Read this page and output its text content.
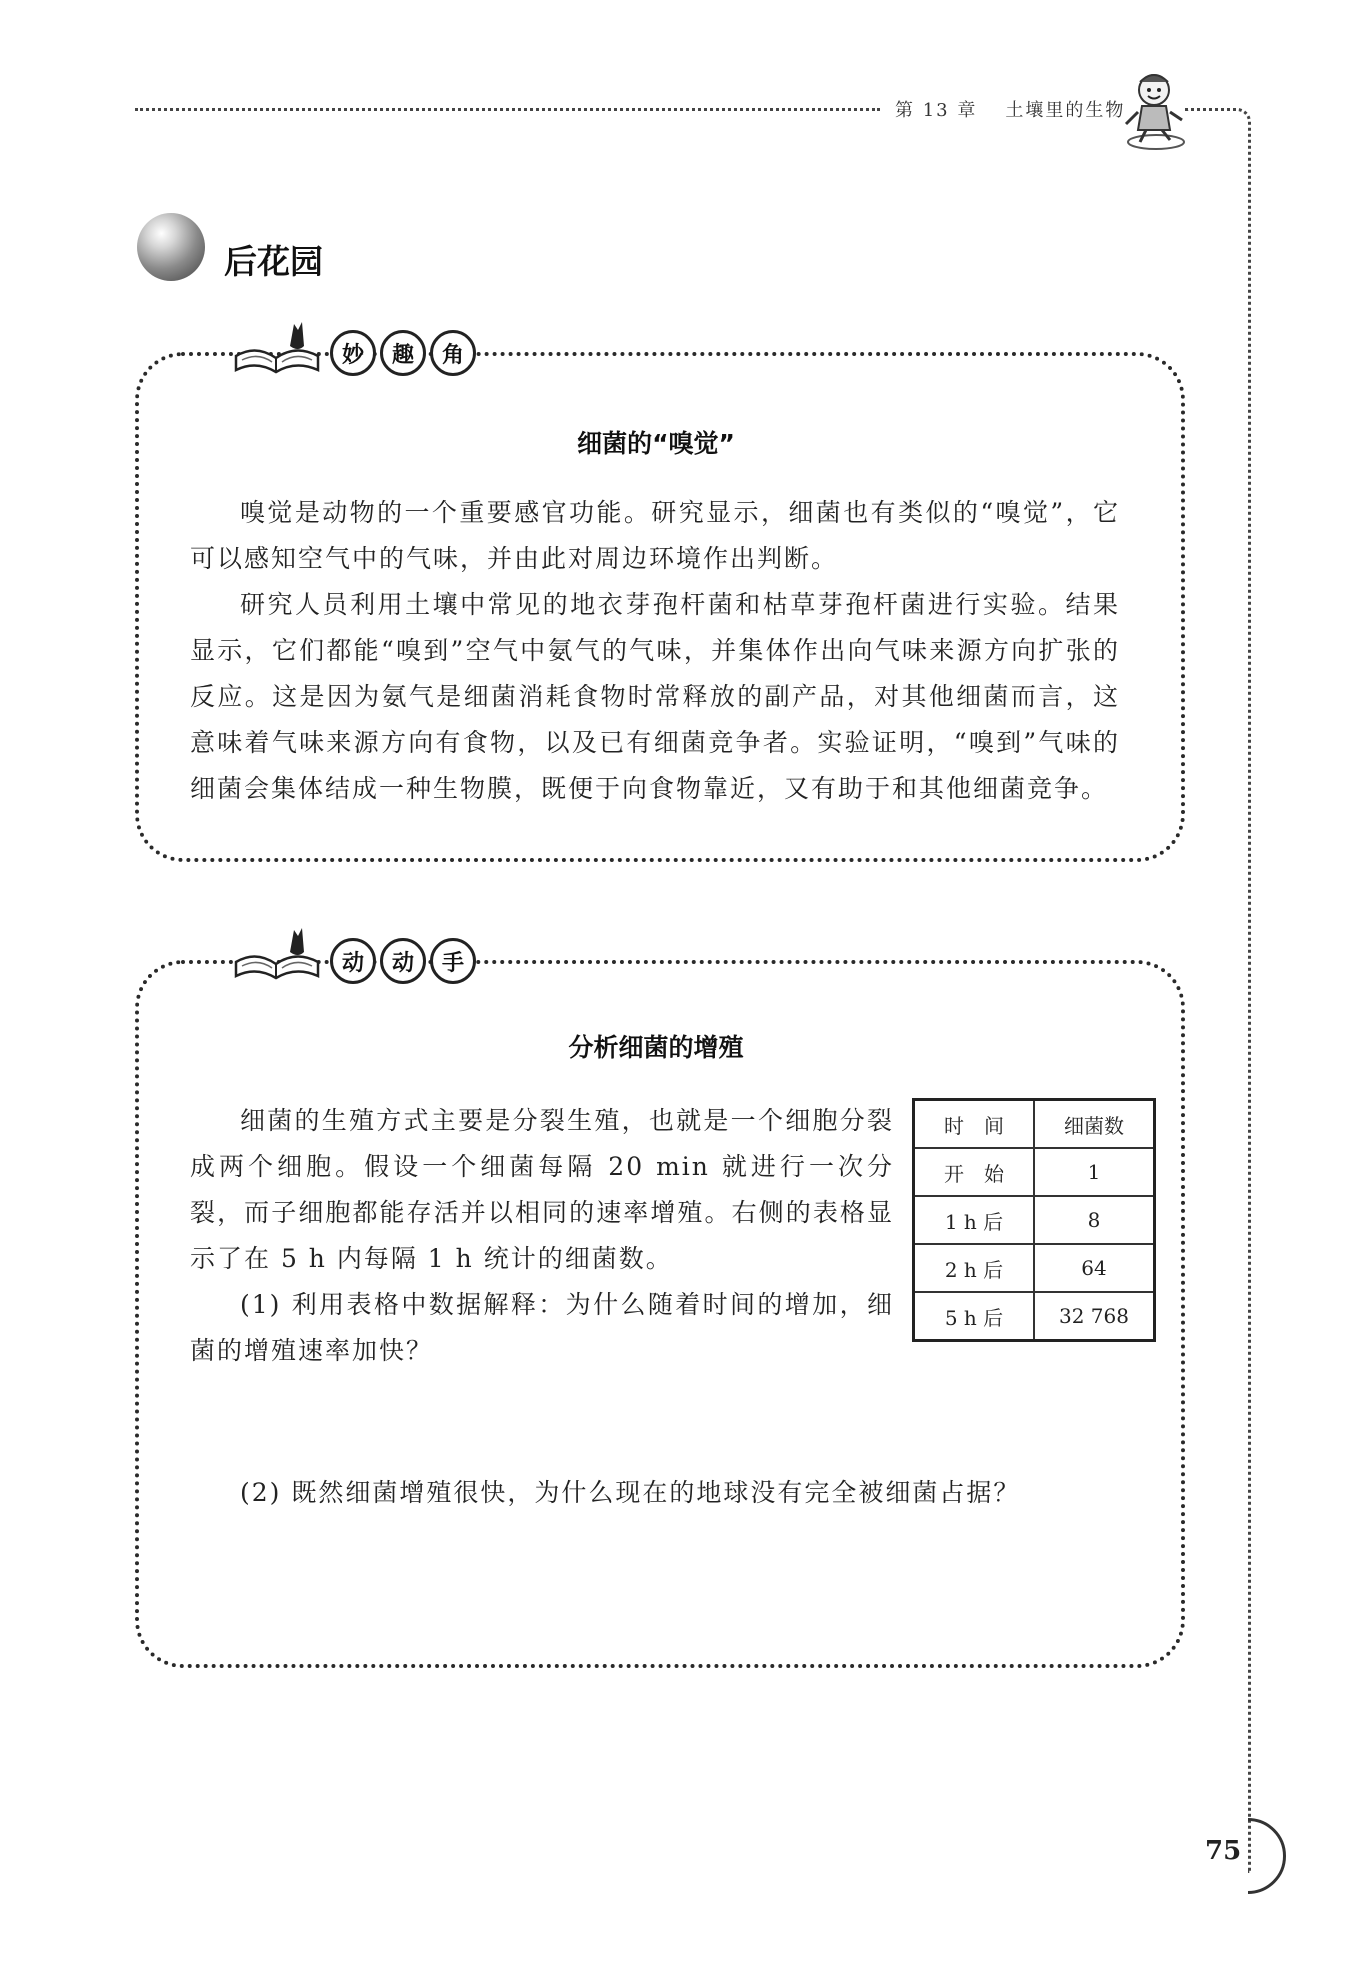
第 13 章 土壤里的生物
75
后花园
妙	趣	角
细菌的“嗅觉”

嗅觉是动物的一个重要感官功能。研究显示，细菌也有类似的“嗅觉”，它可以感知空气中的气味，并由此对周边环境作出判断。

研究人员利用土壤中常见的地衣芽孢杆菌和枯草芽孢杆菌进行实验。结果显示，它们都能“嗅到”空气中氨气的气味，并集体作出向气味来源方向扩张的反应。这是因为氨气是细菌消耗食物时常释放的副产品，对其他细菌而言，这意味着气味来源方向有食物，以及已有细菌竞争者。实验证明，“嗅到”气味的细菌会集体结成一种生物膜，既便于向食物靠近，又有助于和其他细菌竞争。

动	动	手
分析细菌的增殖

细菌的生殖方式主要是分裂生殖，也就是一个细胞分裂成两个细胞。假设一个细菌每隔 20 min 就进行一次分裂，而子细胞都能存活并以相同的速率增殖。右侧的表格显示了在 5 h 内每隔 1 h 统计的细菌数。

(1) 利用表格中数据解释：为什么随着时间的增加，细菌的增殖速率加快？

(2) 既然细菌增殖很快，为什么现在的地球没有完全被细菌占据？

时　间	细菌数
开　始	1
1 h 后	8
2 h 后	64
5 h 后	32 768
